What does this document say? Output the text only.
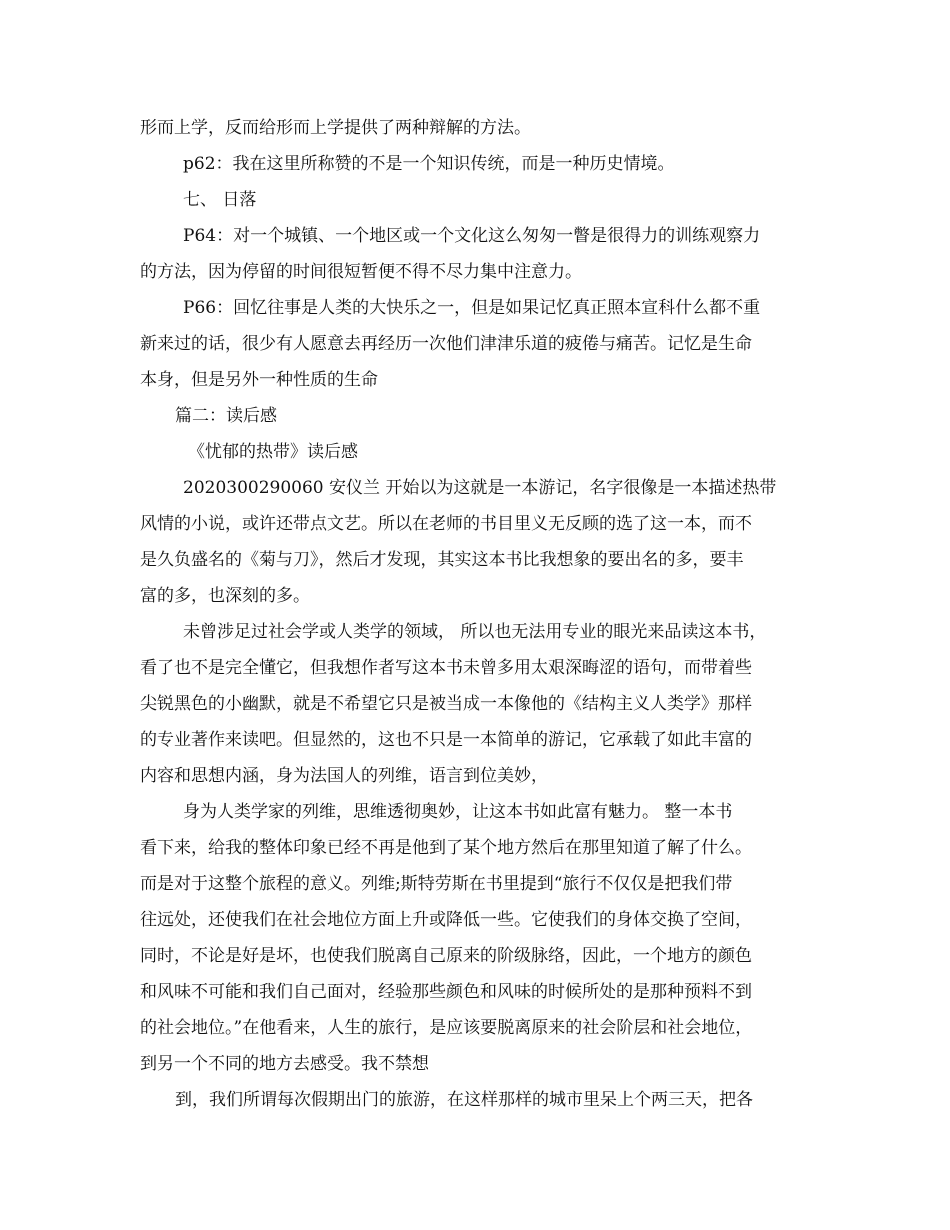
形而上学，反而给形而上学提供了两种辩解的方法。
p62：我在这里所称赞的不是一个知识传统，而是一种历史情境。
七、 日落
P64：对一个城镇、一个地区或一个文化这么匆匆一瞥是很得力的训练观察力
的方法，因为停留的时间很短暂便不得不尽力集中注意力。
P66：回忆往事是人类的大快乐之一，但是如果记忆真正照本宣科什么都不重
新来过的话，很少有人愿意去再经历一次他们津津乐道的疲倦与痛苦。记忆是生命
本身，但是另外一种性质的生命
篇二：读后感
《忧郁的热带》读后感
2020300290060 安仪兰 开始以为这就是一本游记，名字很像是一本描述热带
风情的小说，或许还带点文艺。所以在老师的书目里义无反顾的选了这一本，而不
是久负盛名的《菊与刀》，然后才发现，其实这本书比我想象的要出名的多，要丰
富的多，也深刻的多。
未曾涉足过社会学或人类学的领域， 所以也无法用专业的眼光来品读这本书，
看了也不是完全懂它，但我想作者写这本书未曾多用太艰深晦涩的语句，而带着些
尖锐黑色的小幽默，就是不希望它只是被当成一本像他的《结构主义人类学》那样
的专业著作来读吧。但显然的，这也不只是一本简单的游记，它承载了如此丰富的
内容和思想内涵，身为法国人的列维，语言到位美妙，
身为人类学家的列维，思维透彻奥妙，让这本书如此富有魅力。 整一本书
看下来，给我的整体印象已经不再是他到了某个地方然后在那里知道了解了什么。
而是对于这整个旅程的意义。列维;斯特劳斯在书里提到“旅行不仅仅是把我们带
往远处，还使我们在社会地位方面上升或降低一些。它使我们的身体交换了空间，
同时，不论是好是坏，也使我们脱离自己原来的阶级脉络，因此，一个地方的颜色
和风味不可能和我们自己面对，经验那些颜色和风味的时候所处的是那种预料不到
的社会地位。”在他看来，人生的旅行，是应该要脱离原来的社会阶层和社会地位，
到另一个不同的地方去感受。我不禁想
到，我们所谓每次假期出门的旅游，在这样那样的城市里呆上个两三天，把各
